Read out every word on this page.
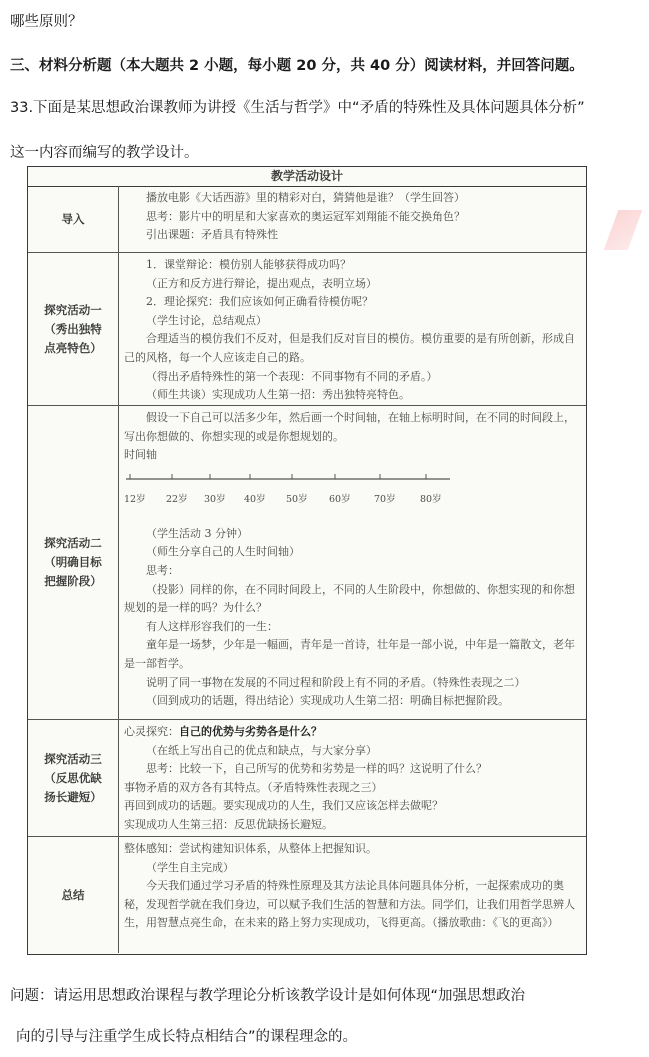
哪些原则？
三、材料分析题（本大题共 2 小题，每小题 20 分，共 40 分）阅读材料，并回答问题。
33.下面是某思想政治课教师为讲授《生活与哲学》中“矛盾的特殊性及具体问题具体分析”
这一内容而编写的教学设计。
教学活动设计
导入
播放电影《大话西游》里的精彩对白，猜猜他是谁？（学生回答）
思考：影片中的明星和大家喜欢的奥运冠军刘翔能不能交换角色？
引出课题：矛盾具有特殊性
探究活动一
（秀出独特
点亮特色）
1．课堂辩论：模仿别人能够获得成功吗？
（正方和反方进行辩论，提出观点，表明立场）
2．理论探究：我们应该如何正确看待模仿呢？
（学生讨论，总结观点）
合理适当的模仿我们不反对，但是我们反对盲目的模仿。模仿重要的是有所创新，形成自己的风格，每一个人应该走自己的路。
（得出矛盾特殊性的第一个表现：不同事物有不同的矛盾。）
（师生共谈）实现成功人生第一招：秀出独特亮特色。
探究活动二
（明确目标
把握阶段）
假设一下自己可以活多少年，然后画一个时间轴，在轴上标明时间，在不同的时间段上，写出你想做的、你想实现的或是你想规划的。
时间轴
12岁 22岁 30岁 40岁 50岁 60岁 70岁	80岁
（学生活动 3 分钟）
（师生分享自己的人生时间轴）
思考：
（投影）同样的你，在不同时间段上，不同的人生阶段中，你想做的、你想实现的和你想规划的是一样的吗？为什么？
有人这样形容我们的一生：
童年是一场梦，少年是一幅画，青年是一首诗，壮年是一部小说，中年是一篇散文，老年是一部哲学。
说明了同一事物在发展的不同过程和阶段上有不同的矛盾。（特殊性表现之二）
（回到成功的话题，得出结论）实现成功人生第二招：明确目标把握阶段。
探究活动三
（反思优缺
扬长避短）
心灵探究：自己的优势与劣势各是什么？
（在纸上写出自己的优点和缺点，与大家分享）
思考：比较一下，自己所写的优势和劣势是一样的吗？这说明了什么？
事物矛盾的双方各有其特点。（矛盾特殊性表现之三）
再回到成功的话题。要实现成功的人生，我们又应该怎样去做呢？
实现成功人生第三招：反思优缺扬长避短。
总结
整体感知：尝试构建知识体系，从整体上把握知识。
（学生自主完成）
今天我们通过学习矛盾的特殊性原理及其方法论具体问题具体分析，一起探索成功的奥秘，发现哲学就在我们身边，可以赋予我们生活的智慧和方法。同学们，让我们用哲学思辨人生，用智慧点亮生命，在未来的路上努力实现成功，飞得更高。（播放歌曲：《飞的更高》）
问题：请运用思想政治课程与教学理论分析该教学设计是如何体现“加强思想政治
向的引导与注重学生成长特点相结合”的课程理念的。
